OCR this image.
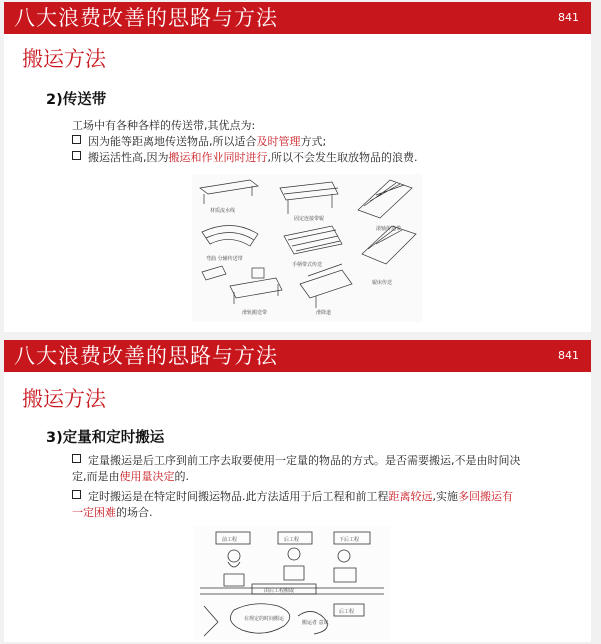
八大浪费改善的思路与方法	841
搬运方法
2)传送带
工场中有各种各样的传送带,其优点为:
因为能等距离地传送物品,所以适合及时管理方式;
搬运活性高,因为搬运和作业同时进行,所以不会发生取放物品的浪费.
材质流水线
固定连接带辊
滚轴传送带
弯曲 分辅传送带
手柄带式传送
辊床传送
滑轨搬送带	滑降道
八大浪费改善的思路与方法	841
搬运方法
3)定量和定时搬运
定量搬运是后工序到前工序去取要使用一定量的物品的方式。是否需要搬运,不是由时间决定,而是由使用量决定的.
定时搬运是在特定时间搬运物品.此方法适用于后工程和前工程距离较远,实施多回搬运有一定困难的场合.
前工程	后工程	下后工程
由后工程搬取
后工程
在规定的时间搬运
搬运者 意识
